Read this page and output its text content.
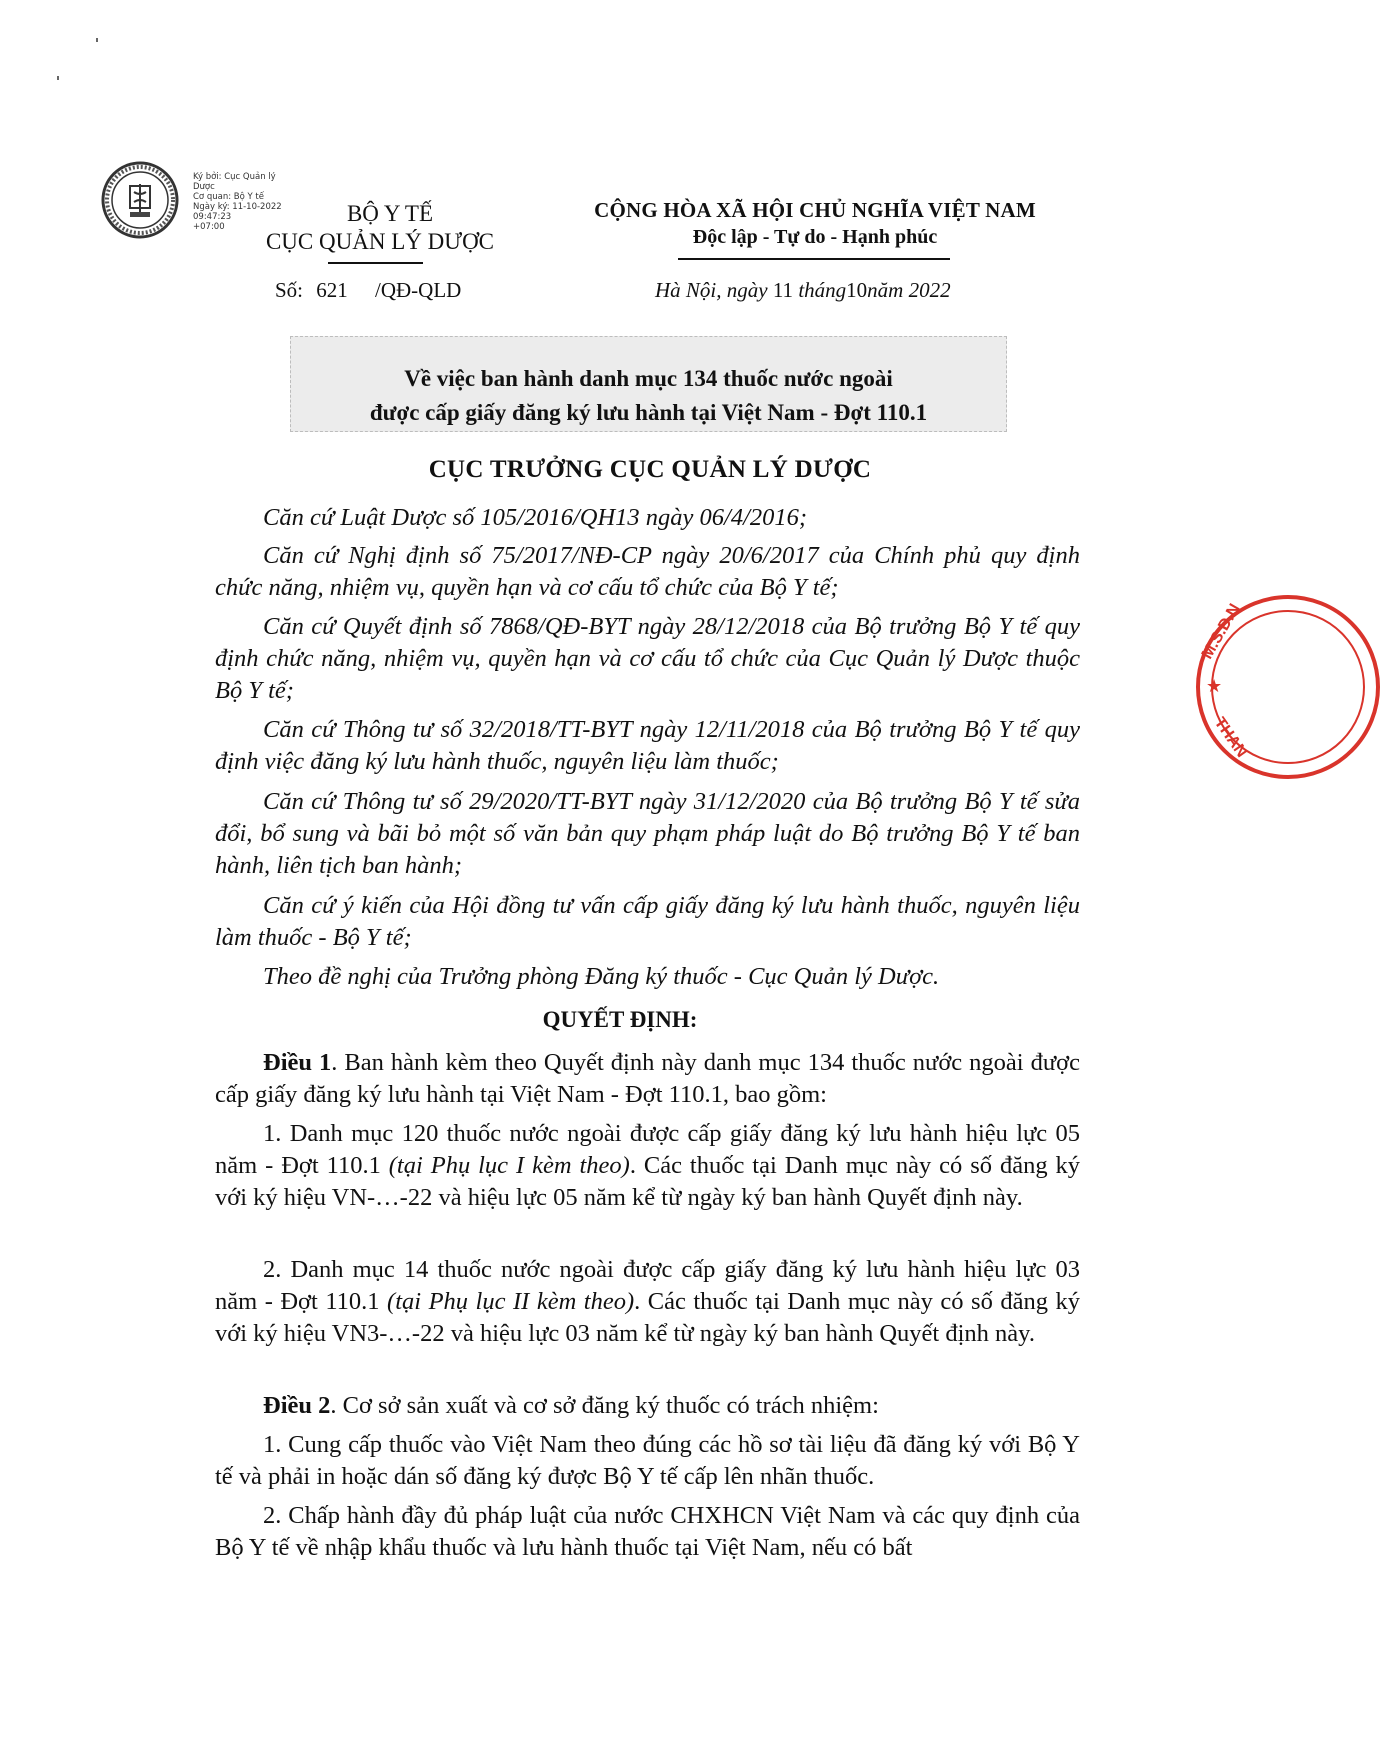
Ký bởi: Cục Quản lý Dược
Cơ quan: Bộ Y tế
Ngày ký: 11-10-2022 09:47:23
+07:00
BỘ Y TẾ
CỤC QUẢN LÝ DƯỢC
CỘNG HÒA XÃ HỘI CHỦ NGHĨA VIỆT NAM
Độc lập - Tự do - Hạnh phúc
Số: 621 /QĐ-QLD	Hà Nội, ngày 11 tháng10năm 2022
Về việc ban hành danh mục 134 thuốc nước ngoài
được cấp giấy đăng ký lưu hành tại Việt Nam - Đợt 110.1
CỤC TRƯỞNG CỤC QUẢN LÝ DƯỢC
Căn cứ Luật Dược số 105/2016/QH13 ngày 06/4/2016;
Căn cứ Nghị định số 75/2017/NĐ-CP ngày 20/6/2017 của Chính phủ quy định chức năng, nhiệm vụ, quyền hạn và cơ cấu tổ chức của Bộ Y tế;
Căn cứ Quyết định số 7868/QĐ-BYT ngày 28/12/2018 của Bộ trưởng Bộ Y tế quy định chức năng, nhiệm vụ, quyền hạn và cơ cấu tổ chức của Cục Quản lý Dược thuộc Bộ Y tế;
Căn cứ Thông tư số 32/2018/TT-BYT ngày 12/11/2018 của Bộ trưởng Bộ Y tế quy định việc đăng ký lưu hành thuốc, nguyên liệu làm thuốc;
Căn cứ Thông tư số 29/2020/TT-BYT ngày 31/12/2020 của Bộ trưởng Bộ Y tế sửa đổi, bổ sung và bãi bỏ một số văn bản quy phạm pháp luật do Bộ trưởng Bộ Y tế ban hành, liên tịch ban hành;
Căn cứ ý kiến của Hội đồng tư vấn cấp giấy đăng ký lưu hành thuốc, nguyên liệu làm thuốc - Bộ Y tế;
Theo đề nghị của Trưởng phòng Đăng ký thuốc - Cục Quản lý Dược.
QUYẾT ĐỊNH:
Điều 1. Ban hành kèm theo Quyết định này danh mục 134 thuốc nước ngoài được cấp giấy đăng ký lưu hành tại Việt Nam - Đợt 110.1, bao gồm:
1. Danh mục 120 thuốc nước ngoài được cấp giấy đăng ký lưu hành hiệu lực 05 năm - Đợt 110.1 (tại Phụ lục I kèm theo). Các thuốc tại Danh mục này có số đăng ký với ký hiệu VN-…-22 và hiệu lực 05 năm kể từ ngày ký ban hành Quyết định này.
2. Danh mục 14 thuốc nước ngoài được cấp giấy đăng ký lưu hành hiệu lực 03 năm - Đợt 110.1 (tại Phụ lục II kèm theo). Các thuốc tại Danh mục này có số đăng ký với ký hiệu VN3-…-22 và hiệu lực 03 năm kể từ ngày ký ban hành Quyết định này.
Điều 2. Cơ sở sản xuất và cơ sở đăng ký thuốc có trách nhiệm:
1. Cung cấp thuốc vào Việt Nam theo đúng các hồ sơ tài liệu đã đăng ký với Bộ Y tế và phải in hoặc dán số đăng ký được Bộ Y tế cấp lên nhãn thuốc.
2. Chấp hành đầy đủ pháp luật của nước CHXHCN Việt Nam và các quy định của Bộ Y tế về nhập khẩu thuốc và lưu hành thuốc tại Việt Nam, nếu có bất
M.S.D.N
★
THAN
